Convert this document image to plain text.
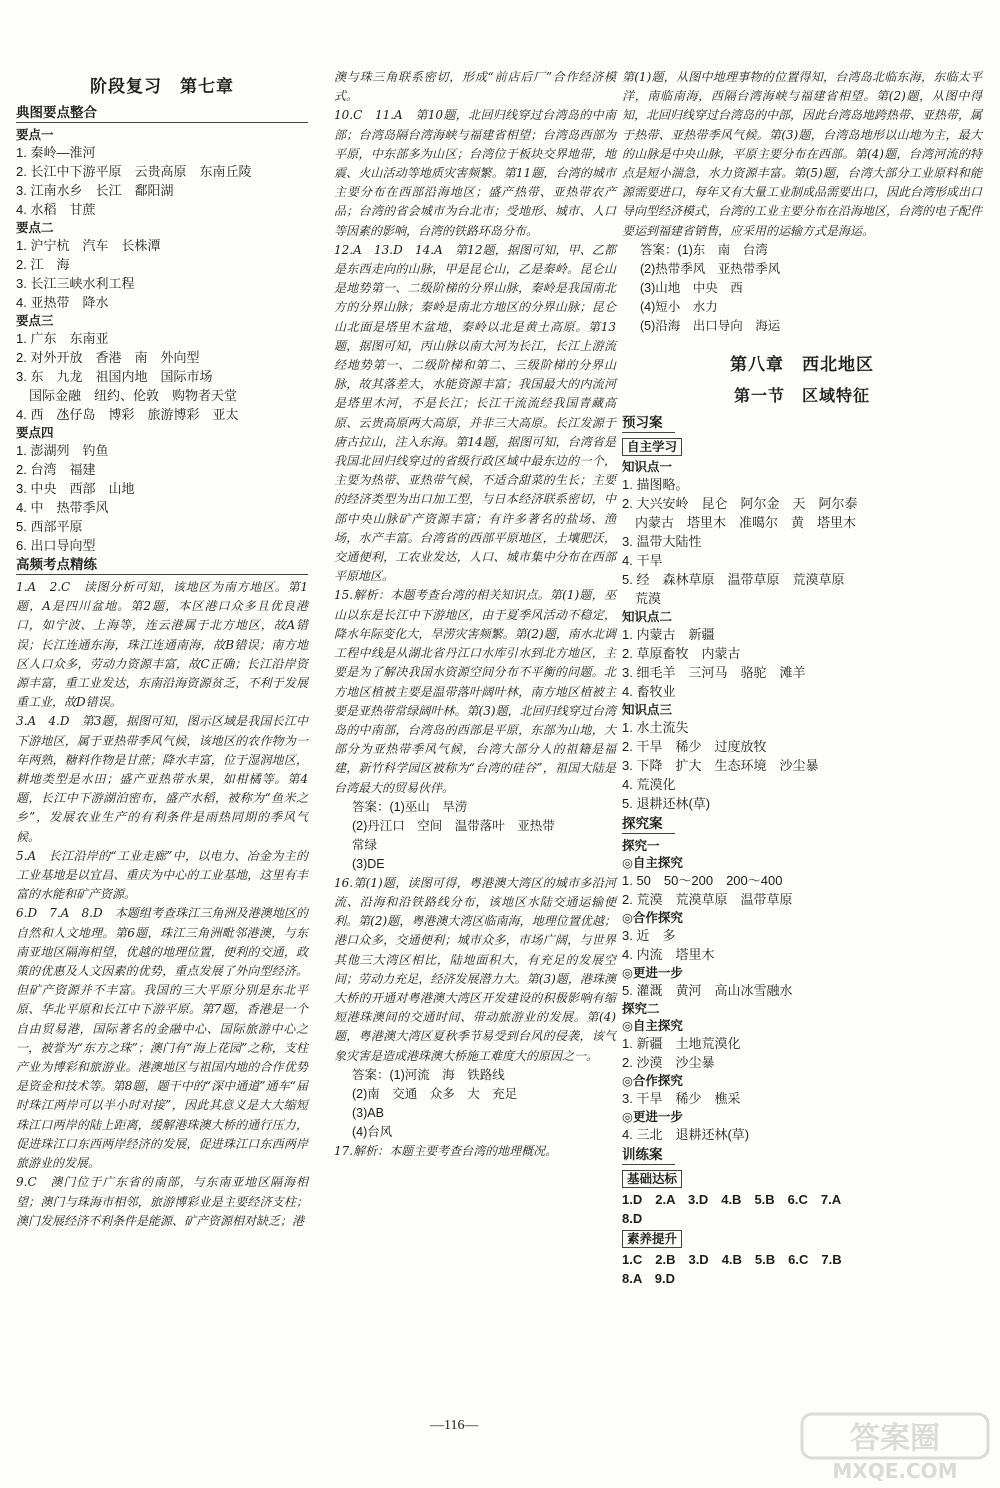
阶段复习　第七章
典图要点整合
要点一
1. 秦岭—淮河
2. 长江中下游平原　云贵高原　东南丘陵
3. 江南水乡　长江　鄱阳湖
4. 水稻　甘蔗
要点二
1. 沪宁杭　汽车　长株潭
2. 江　海
3. 长江三峡水利工程
4. 亚热带　降水
要点三
1. 广东　东南亚
2. 对外开放　香港　南　外向型
3. 东　九龙　祖国内地　国际市场
　国际金融　纽约、伦敦　购物者天堂
4. 西　氹仔岛　博彩　旅游博彩　亚太
要点四
1. 澎湖列　钓鱼
2. 台湾　福建
3. 中央　西部　山地
4. 中　热带季风
5. 西部平原
6. 出口导向型
高频考点精练
1.A　2.C　读图分析可知，该地区为南方地区。第1题，A是四川盆地。第2题，本区港口众多且优良港口，如宁波、上海等，连云港属于北方地区，故A错误；长江连通东海，珠江连通南海，故B错误；南方地区人口众多，劳动力资源丰富，故C正确；长江沿岸资源丰富，重工业发达，东南沿海资源贫乏，不利于发展重工业，故D错误。
3.A　4.D　第3题，据图可知，图示区域是我国长江中下游地区，属于亚热带季风气候，该地区的农作物为一年两熟，糖料作物是甘蔗；降水丰富，位于湿润地区，耕地类型是水田；盛产亚热带水果，如柑橘等。第4题，长江中下游湖泊密布，盛产水稻，被称为“鱼米之乡”，发展农业生产的有利条件是雨热同期的季风气候。
5.A　长江沿岸的“工业走廊”中，以电力、冶金为主的工业基地是以宜昌、重庆为中心的工业基地，这里有丰富的水能和矿产资源。
6.D　7.A　8.D　本题组考查珠江三角洲及港澳地区的自然和人文地理。第6题，珠江三角洲毗邻港澳，与东南亚地区隔海相望，优越的地理位置，便利的交通，政策的优惠及人文因素的优势，重点发展了外向型经济。但矿产资源并不丰富。我国的三大平原分别是东北平原、华北平原和长江中下游平原。第7题，香港是一个自由贸易港，国际著名的金融中心、国际旅游中心之一，被誉为“东方之珠”；澳门有“海上花园”之称，支柱产业为博彩和旅游业。港澳地区与祖国内地的合作优势是资金和技术等。第8题，题干中的“深中通道”通车“届时珠江两岸可以半小时对接”，因此其意义是大大缩短珠江口两岸的陆上距离，缓解港珠澳大桥的通行压力，促进珠江口东西两岸经济的发展，促进珠江口东西两岸旅游业的发展。
9.C　澳门位于广东省的南部，与东南亚地区隔海相望；澳门与珠海市相邻，旅游博彩业是主要经济支柱；澳门发展经济不利条件是能源、矿产资源相对缺乏；港
澳与珠三角联系密切，形成“前店后厂”合作经济模式。
10.C　11.A　第10题，北回归线穿过台湾岛的中南部；台湾岛隔台湾海峡与福建省相望；台湾岛西部为平原，中东部多为山区；台湾位于板块交界地带，地震、火山活动等地质灾害频繁。第11题，台湾的城市主要分布在西部沿海地区；盛产热带、亚热带农产品；台湾的省会城市为台北市；受地形、城市、人口等因素的影响，台湾的铁路环岛分布。
12.A　13.D　14.A　第12题，据图可知，甲、乙都是东西走向的山脉，甲是昆仑山，乙是秦岭。昆仑山是地势第一、二级阶梯的分界山脉，秦岭是我国南北方的分界山脉；秦岭是南北方地区的分界山脉；昆仑山北面是塔里木盆地，秦岭以北是黄土高原。第13题，据图可知，丙山脉以南大河为长江，长江上游流经地势第一、二级阶梯和第二、三级阶梯的分界山脉，故其落差大，水能资源丰富；我国最大的内流河是塔里木河，不是长江；长江干流流经我国青藏高原、云贵高原两大高原，并非三大高原。长江发源于唐古拉山，注入东海。第14题，据图可知，台湾省是我国北回归线穿过的省级行政区域中最东边的一个，主要为热带、亚热带气候，不适合甜菜的生长；主要的经济类型为出口加工型，与日本经济联系密切，中部中央山脉矿产资源丰富；有许多著名的盐场、渔场，水产丰富。台湾省的西部平原地区，土壤肥沃，交通便利，工农业发达，人口、城市集中分布在西部平原地区。
15.解析：本题考查台湾的相关知识点。第(1)题，巫山以东是长江中下游地区，由于夏季风活动不稳定，降水年际变化大，旱涝灾害频繁。第(2)题，南水北调工程中线是从湖北省丹江口水库引水到北方地区，主要是为了解决我国水资源空间分布不平衡的问题。北方地区植被主要是温带落叶阔叶林，南方地区植被主要是亚热带常绿阔叶林。第(3)题，北回归线穿过台湾岛的中南部，台湾岛的西部是平原，东部为山地，大部分为亚热带季风气候，台湾大部分人的祖籍是福建，新竹科学园区被称为“台湾的硅谷”，祖国大陆是台湾最大的贸易伙伴。
答案：(1)巫山　旱涝
(2)丹江口　空间　温带落叶　亚热带
常绿
(3)DE
16.第(1)题，读图可得，粤港澳大湾区的城市多沿河流、沿海和沿铁路线分布，该地区水陆交通运输便利。第(2)题，粤港澳大湾区临南海，地理位置优越；港口众多，交通便利；城市众多，市场广阔，与世界其他三大湾区相比，陆地面积大，有充足的发展空间；劳动力充足，经济发展潜力大。第(3)题，港珠澳大桥的开通对粤港澳大湾区开发建设的积极影响有缩短港珠澳间的交通时间、带动旅游业的发展。第(4)题，粤港澳大湾区夏秋季节易受到台风的侵袭，该气象灾害是造成港珠澳大桥施工难度大的原因之一。
答案：(1)河流　海　铁路线
(2)南　交通　众多　大　充足
(3)AB
(4)台风
17.解析：本题主要考查台湾的地理概况。
第(1)题，从图中地理事物的位置得知，台湾岛北临东海，东临太平洋，南临南海，西隔台湾海峡与福建省相望。第(2)题，从图中得知，北回归线穿过台湾岛的中部，因此台湾岛地跨热带、亚热带，属于热带、亚热带季风气候。第(3)题，台湾岛地形以山地为主，最大的山脉是中央山脉，平原主要分布在西部。第(4)题，台湾河流的特点是短小湍急，水力资源丰富。第(5)题，台湾大部分工业原料和能源需要进口，每年又有大量工业制成品需要出口，因此台湾形成出口导向型经济模式，台湾的工业主要分布在沿海地区，台湾的电子配件要运到福建省销售，应采用的运输方式是海运。
答案：(1)东　南　台湾
(2)热带季风　亚热带季风
(3)山地　中央　西
(4)短小　水力
(5)沿海　出口导向　海运
第八章　西北地区
第一节　区域特征
预习案
自主学习
知识点一
1. 描图略。
2. 大兴安岭　昆仑　阿尔金　天　阿尔泰
　内蒙古　塔里木　准噶尔　黄　塔里木
3. 温带大陆性
4. 干旱
5. 经　森林草原　温带草原　荒漠草原
　荒漠
知识点二
1. 内蒙古　新疆
2. 草原畜牧　内蒙古
3. 细毛羊　三河马　骆驼　滩羊
4. 畜牧业
知识点三
1. 水土流失
2. 干旱　稀少　过度放牧
3. 下降　扩大　生态环境　沙尘暴
4. 荒漠化
5. 退耕还林(草)
探究案
探究一
◎自主探究
1. 50　50～200　200～400
2. 荒漠　荒漠草原　温带草原
◎合作探究
3. 近　多
4. 内流　塔里木
◎更进一步
5. 灌溉　黄河　高山冰雪融水
探究二
◎自主探究
1. 新疆　土地荒漠化
2. 沙漠　沙尘暴
◎合作探究
3. 干旱　稀少　樵采
◎更进一步
4. 三北　退耕还林(草)
训练案
基础达标
1.D　2.A　3.D　4.B　5.B　6.C　7.A
8.D
素养提升
1.C　2.B　3.D　4.B　5.B　6.C　7.B
8.A　9.D
—116—	答案圈
MXQE.COM
